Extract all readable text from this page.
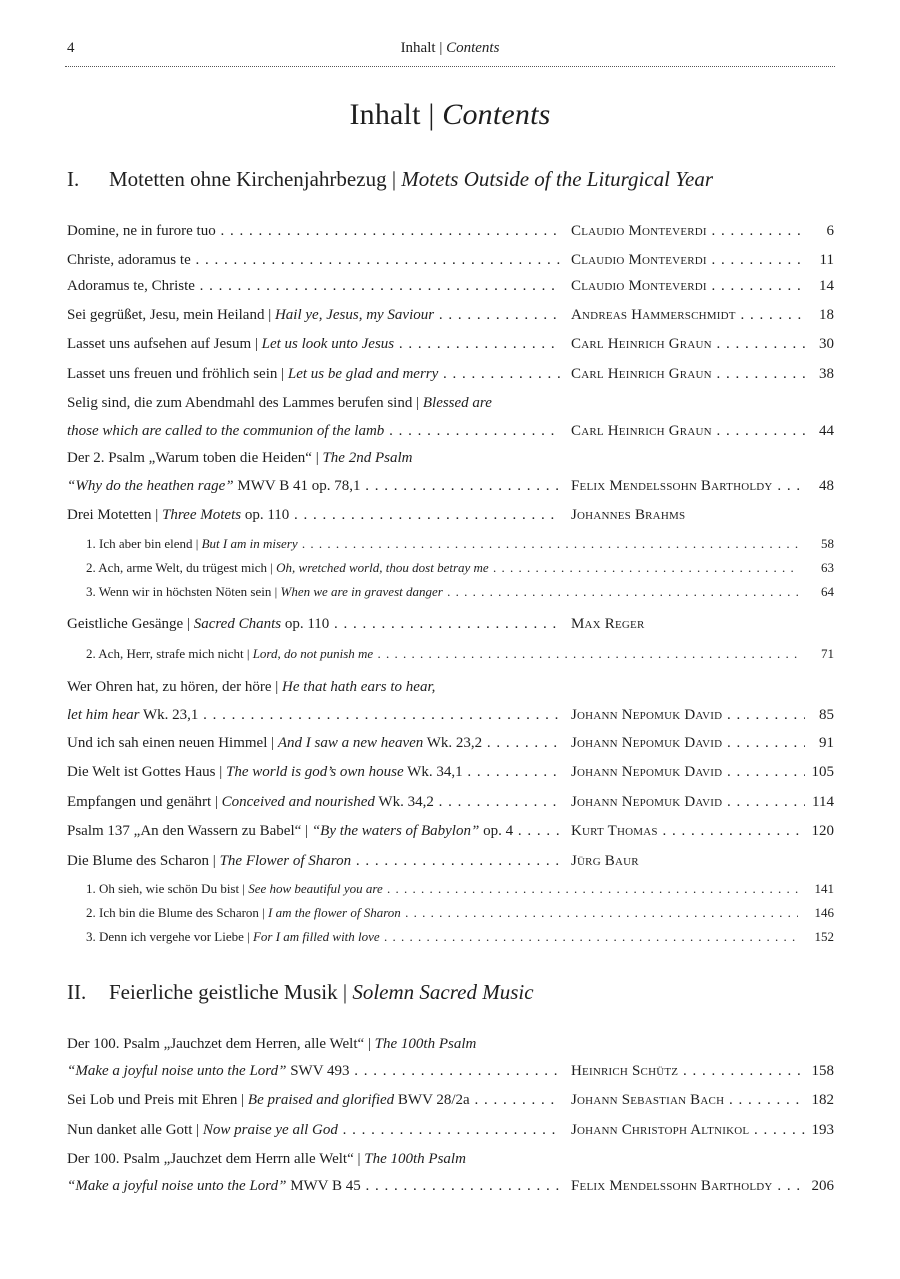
4	Inhalt | Contents
Inhalt | Contents
I. Motetten ohne Kirchenjahrbezug | Motets Outside of the Liturgical Year
Domine, ne in furore tuo . . .	Claudio Monteverdi . . .	6
Christe, adoramus te . . .	Claudio Monteverdi . . .	11
Adoramus te, Christe . . .	Claudio Monteverdi . . .	14
Sei gegrüßet, Jesu, mein Heiland | Hail ye, Jesus, my Saviour . . .	Andreas Hammerschmidt . . .	18
Lasset uns aufsehen auf Jesum | Let us look unto Jesus . . .	Carl Heinrich Graun . . .	30
Lasset uns freuen und fröhlich sein | Let us be glad and merry . . .	Carl Heinrich Graun . . .	38
Selig sind, die zum Abendmahl des Lammes berufen sind | Blessed are
those which are called to the communion of the lamb . . .	Carl Heinrich Graun . . .	44
Der 2. Psalm „Warum toben die Heiden“ | The 2nd Psalm
“Why do the heathen rage” MWV B 41 op. 78,1 . . .	Felix Mendelssohn Bartholdy . . .	48
Drei Motetten | Three Motets op. 110 . . .	Johannes Brahms
1. Ich aber bin elend | But I am in misery . . .	58
2. Ach, arme Welt, du trügest mich | Oh, wretched world, thou dost betray me . . .	63
3. Wenn wir in höchsten Nöten sein | When we are in gravest danger . . .	64
Geistliche Gesänge | Sacred Chants op. 110 . . .	Max Reger
2. Ach, Herr, strafe mich nicht | Lord, do not punish me . . .	71
Wer Ohren hat, zu hören, der höre | He that hath ears to hear,
let him hear Wk. 23,1 . . .	Johann Nepomuk David . . .	85
Und ich sah einen neuen Himmel | And I saw a new heaven Wk. 23,2 . . .	Johann Nepomuk David . . .	91
Die Welt ist Gottes Haus | The world is god’s own house Wk. 34,1 . . .	Johann Nepomuk David . . .	105
Empfangen und genährt | Conceived and nourished Wk. 34,2 . . .	Johann Nepomuk David . . .	114
Psalm 137 „An den Wassern zu Babel“ | “By the waters of Babylon” op. 4 . . .	Kurt Thomas . . .	120
Die Blume des Scharon | The Flower of Sharon . . .	Jürg Baur
1. Oh sieh, wie schön Du bist | See how beautiful you are . . .	141
2. Ich bin die Blume des Scharon | I am the flower of Sharon . . .	146
3. Denn ich vergehe vor Liebe | For I am filled with love . . .	152
II. Feierliche geistliche Musik | Solemn Sacred Music
Der 100. Psalm „Jauchzet dem Herren, alle Welt“ | The 100th Psalm
“Make a joyful noise unto the Lord” SWV 493 . . .	Heinrich Schütz . . .	158
Sei Lob und Preis mit Ehren | Be praised and glorified BWV 28/2a . . .	Johann Sebastian Bach . . .	182
Nun danket alle Gott | Now praise ye all God . . .	Johann Christoph Altnikol . . .	193
Der 100. Psalm „Jauchzet dem Herrn alle Welt“ | The 100th Psalm
“Make a joyful noise unto the Lord” MWV B 45 . . .	Felix Mendelssohn Bartholdy . . .	206
